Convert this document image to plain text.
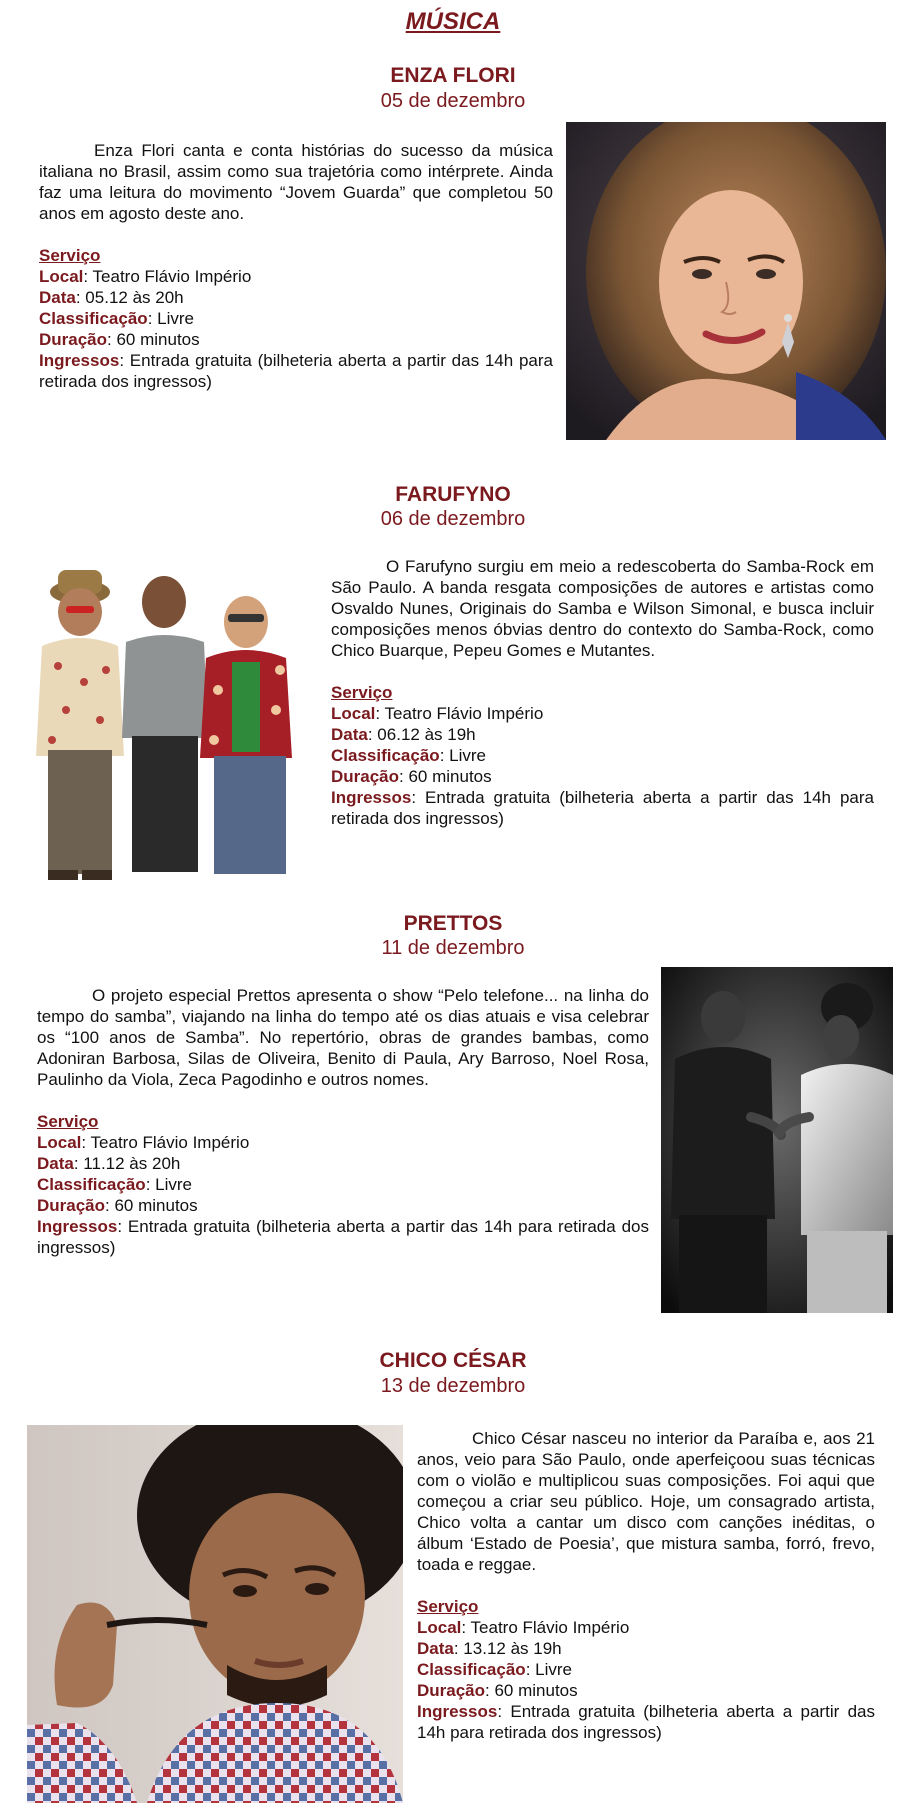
MÚSICA
ENZA FLORI
05 de dezembro

Enza Flori canta e conta histórias do sucesso da música italiana no Brasil, assim como sua trajetória como intérprete. Ainda faz uma leitura do movimento “Jovem Guarda” que completou 50 anos em agosto deste ano.

Serviço
Local: Teatro Flávio Império
Data: 05.12 às 20h
Classificação: Livre
Duração: 60 minutos
Ingressos: Entrada gratuita (bilheteria aberta a partir das 14h para retirada dos ingressos)
FARUFYNO
06 de dezembro

O Farufyno surgiu em meio a redescoberta do Samba-Rock em São Paulo. A banda resgata composições de autores e artistas como Osvaldo Nunes, Originais do Samba e Wilson Simonal, e busca incluir composições menos óbvias dentro do contexto do Samba-Rock, como Chico Buarque, Pepeu Gomes e Mutantes.

Serviço
Local: Teatro Flávio Império
Data: 06.12 às 19h
Classificação: Livre
Duração: 60 minutos
Ingressos: Entrada gratuita (bilheteria aberta a partir das 14h para retirada dos ingressos)
PRETTOS
11 de dezembro

O projeto especial Prettos apresenta o show “Pelo telefone... na linha do tempo do samba”, viajando na linha do tempo até os dias atuais e visa celebrar os “100 anos de Samba”. No repertório, obras de grandes bambas, como Adoniran Barbosa, Silas de Oliveira, Benito di Paula, Ary Barroso, Noel Rosa, Paulinho da Viola, Zeca Pagodinho e outros nomes.

Serviço
Local: Teatro Flávio Império
Data: 11.12 às 20h
Classificação: Livre
Duração: 60 minutos
Ingressos: Entrada gratuita (bilheteria aberta a partir das 14h para retirada dos ingressos)
CHICO CÉSAR
13 de dezembro

Chico César nasceu no interior da Paraíba e, aos 21 anos, veio para São Paulo, onde aperfeiçoou suas técnicas com o violão e multiplicou suas composições. Foi aqui que começou a criar seu público. Hoje, um consagrado artista, Chico volta a cantar um disco com canções inéditas, o álbum ‘Estado de Poesia’, que mistura samba, forró, frevo, toada e reggae.

Serviço
Local: Teatro Flávio Império
Data: 13.12 às 19h
Classificação: Livre
Duração: 60 minutos
Ingressos: Entrada gratuita (bilheteria aberta a partir das 14h para retirada dos ingressos)
